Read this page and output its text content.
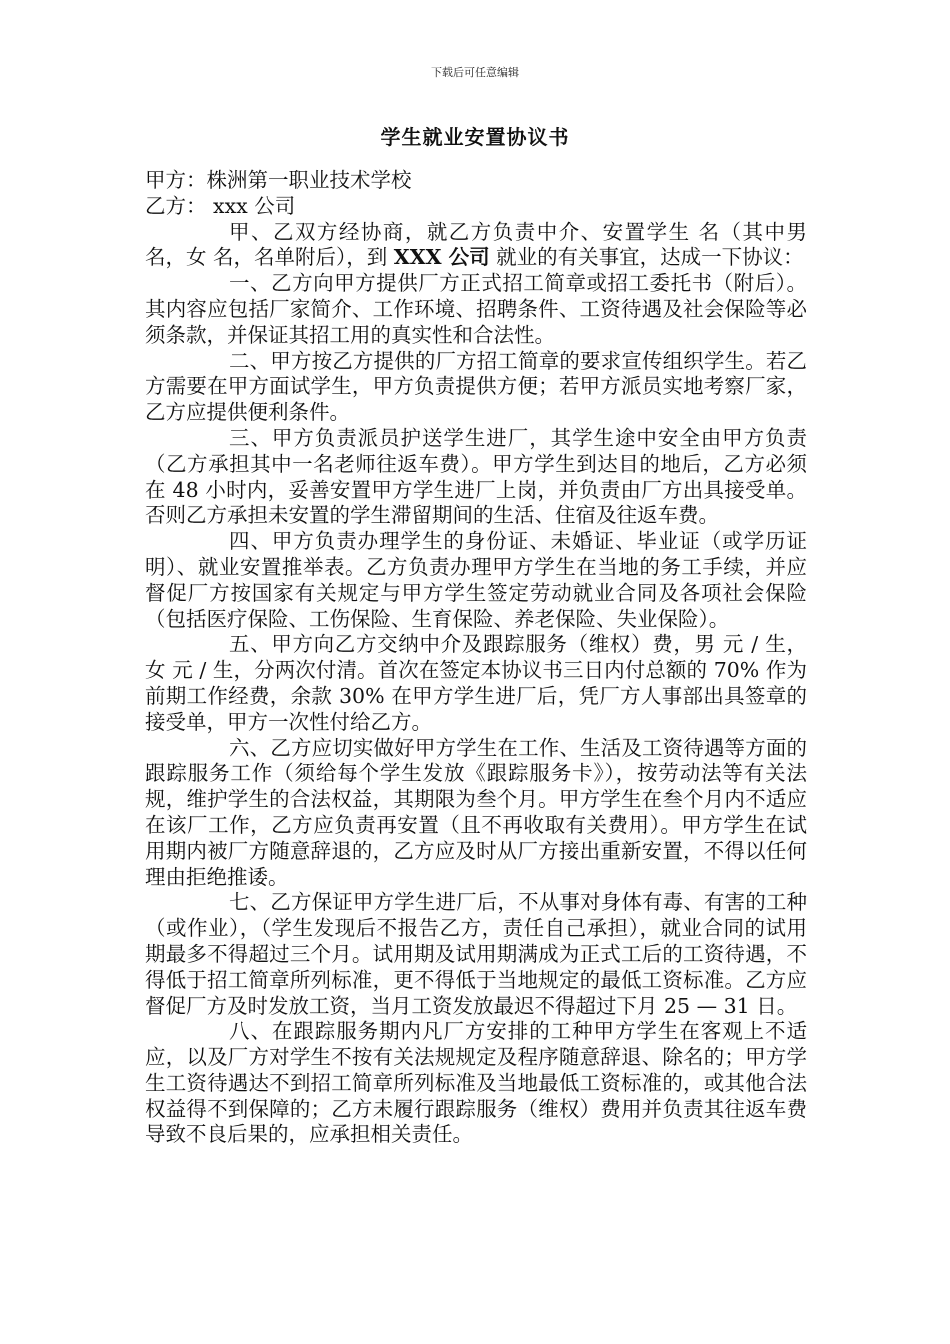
下载后可任意编辑
学生就业安置协议书

甲方：株洲第一职业技术学校

乙方： xxx 公司

甲、乙双方经协商，就乙方负责中介、安置学生 名（其中男 名，女 名，名单附后），到 XXX 公司 就业的有关事宜，达成一下协议：

一、乙方向甲方提供厂方正式招工简章或招工委托书（附后）。其内容应包括厂家简介、工作环境、招聘条件、工资待遇及社会保险等必须条款，并保证其招工用的真实性和合法性。

二、甲方按乙方提供的厂方招工简章的要求宣传组织学生。若乙方需要在甲方面试学生，甲方负责提供方便；若甲方派员实地考察厂家，乙方应提供便利条件。

三、甲方负责派员护送学生进厂，其学生途中安全由甲方负责（乙方承担其中一名老师往返车费）。甲方学生到达目的地后，乙方必须在 48 小时内，妥善安置甲方学生进厂上岗，并负责由厂方出具接受单。否则乙方承担未安置的学生滞留期间的生活、住宿及往返车费。

四、甲方负责办理学生的身份证、未婚证、毕业证（或学历证明）、就业安置推举表。乙方负责办理甲方学生在当地的务工手续，并应督促厂方按国家有关规定与甲方学生签定劳动就业合同及各项社会保险（包括医疗保险、工伤保险、生育保险、养老保险、失业保险）。

五、甲方向乙方交纳中介及跟踪服务（维权）费，男 元 / 生，女 元 / 生，分两次付清。首次在签定本协议书三日内付总额的 70% 作为前期工作经费，余款 30% 在甲方学生进厂后，凭厂方人事部出具签章的接受单，甲方一次性付给乙方。

六、乙方应切实做好甲方学生在工作、生活及工资待遇等方面的跟踪服务工作（须给每个学生发放《跟踪服务卡》），按劳动法等有关法规，维护学生的合法权益，其期限为叁个月。甲方学生在叁个月内不适应在该厂工作，乙方应负责再安置（且不再收取有关费用）。甲方学生在试用期内被厂方随意辞退的，乙方应及时从厂方接出重新安置，不得以任何理由拒绝推诿。

七、乙方保证甲方学生进厂后，不从事对身体有毒、有害的工种（或作业），（学生发现后不报告乙方，责任自己承担），就业合同的试用期最多不得超过三个月。试用期及试用期满成为正式工后的工资待遇，不得低于招工简章所列标准，更不得低于当地规定的最低工资标准。乙方应督促厂方及时发放工资，当月工资发放最迟不得超过下月 25 — 31 日。

八、在跟踪服务期内凡厂方安排的工种甲方学生在客观上不适应，以及厂方对学生不按有关法规规定及程序随意辞退、除名的；甲方学生工资待遇达不到招工简章所列标准及当地最低工资标准的，或其他合法权益得不到保障的；乙方未履行跟踪服务（维权）费用并负责其往返车费导致不良后果的，应承担相关责任。
